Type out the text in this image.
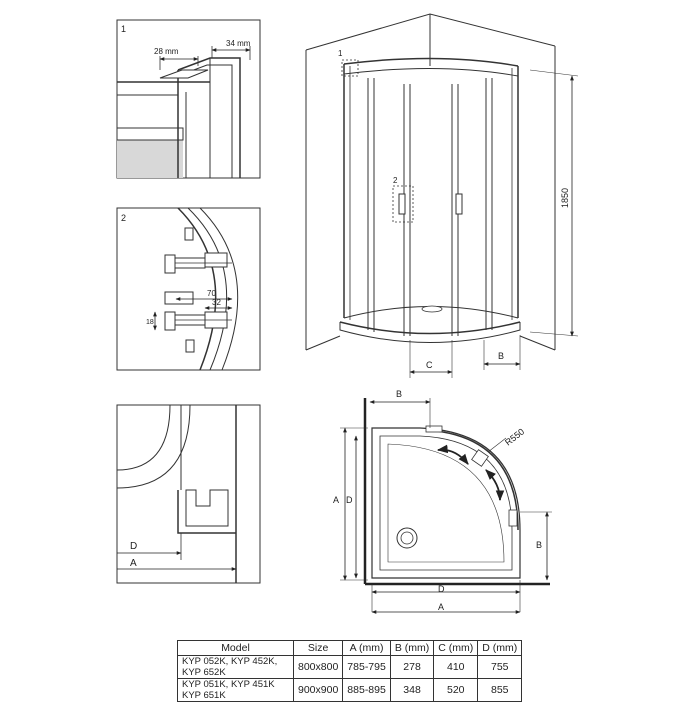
1
28 mm
34 mm
2
70
32
18
D
A
1
2
1850
C
B
R550
B
A D
B
D
A
Model	Size	A (mm)	B (mm)	C (mm)	D (mm)
KYP 052K, KYP 452K, KYP 652K	800x800	785-795	278	410	755
KYP 051K, KYP 451K KYP 651K	900x900	885-895	348	520	855
